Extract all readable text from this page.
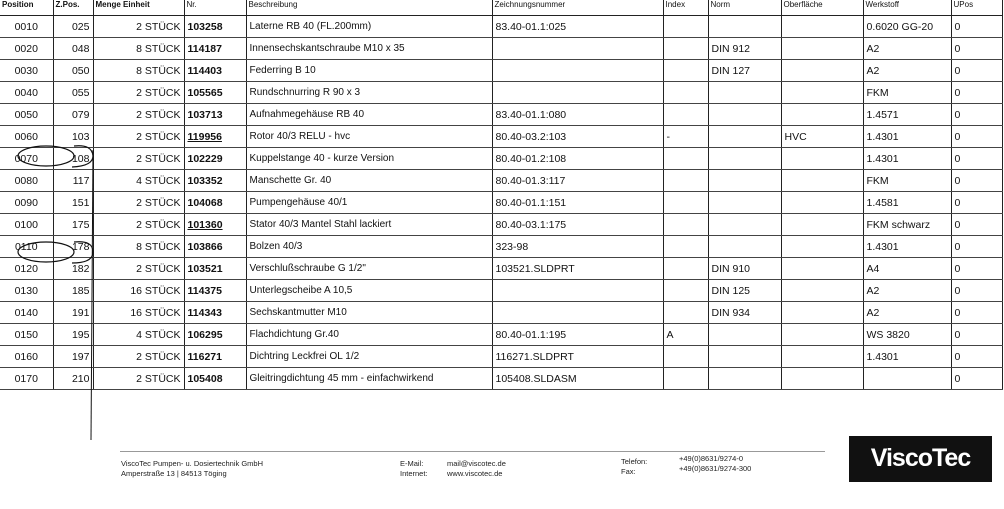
Position	Z.Pos.	Menge Einheit	Nr.	Beschreibung	Zeichnungsnummer	Index	Norm	Oberfläche	Werkstoff	UPos
0010	025	2 STÜCK	103258	Laterne RB 40 (FL.200mm)	83.40-01.1:025				0.6020 GG-20	0
0020	048	8 STÜCK	114187	Innensechskantschraube M10 x 35			DIN 912		A2	0
0030	050	8 STÜCK	114403	Federring B 10			DIN 127		A2	0
0040	055	2 STÜCK	105565	Rundschnurring R 90 x 3					FKM	0
0050	079	2 STÜCK	103713	Aufnahmegehäuse RB 40	83.40-01.1:080				1.4571	0
0060	103	2 STÜCK	119956	Rotor 40/3 RELU - hvc	80.40-03.2:103	-		HVC	1.4301	0
0070	108	2 STÜCK	102229	Kuppelstange 40 - kurze Version	80.40-01.2:108				1.4301	0
0080	117	4 STÜCK	103352	Manschette Gr. 40	80.40-01.3:117				FKM	0
0090	151	2 STÜCK	104068	Pumpengehäuse 40/1	80.40-01.1:151				1.4581	0
0100	175	2 STÜCK	101360	Stator 40/3 Mantel Stahl lackiert	80.40-03.1:175				FKM schwarz	0
0110	178	8 STÜCK	103866	Bolzen 40/3	323-98				1.4301	0
0120	182	2 STÜCK	103521	Verschlußschraube G 1/2"	103521.SLDPRT		DIN 910		A4	0
0130	185	16 STÜCK	114375	Unterlegscheibe A 10,5			DIN 125		A2	0
0140	191	16 STÜCK	114343	Sechskantmutter M10			DIN 934		A2	0
0150	195	4 STÜCK	106295	Flachdichtung Gr.40	80.40-01.1:195	A			WS 3820	0
0160	197	2 STÜCK	116271	Dichtring Leckfrei OL 1/2	116271.SLDPRT				1.4301	0
0170	210	2 STÜCK	105408	Gleitringdichtung 45 mm - einfachwirkend	105408.SLDASM					0
ViscoTec Pumpen- u. Dosiertechnik GmbH
Amperstraße 13 | 84513 Töging
E-Mail:
Internet:
mail@viscotec.de
www.viscotec.de
Telefon:
Fax:
+49(0)8631/9274-0
+49(0)8631/9274-300	ViscoTec
